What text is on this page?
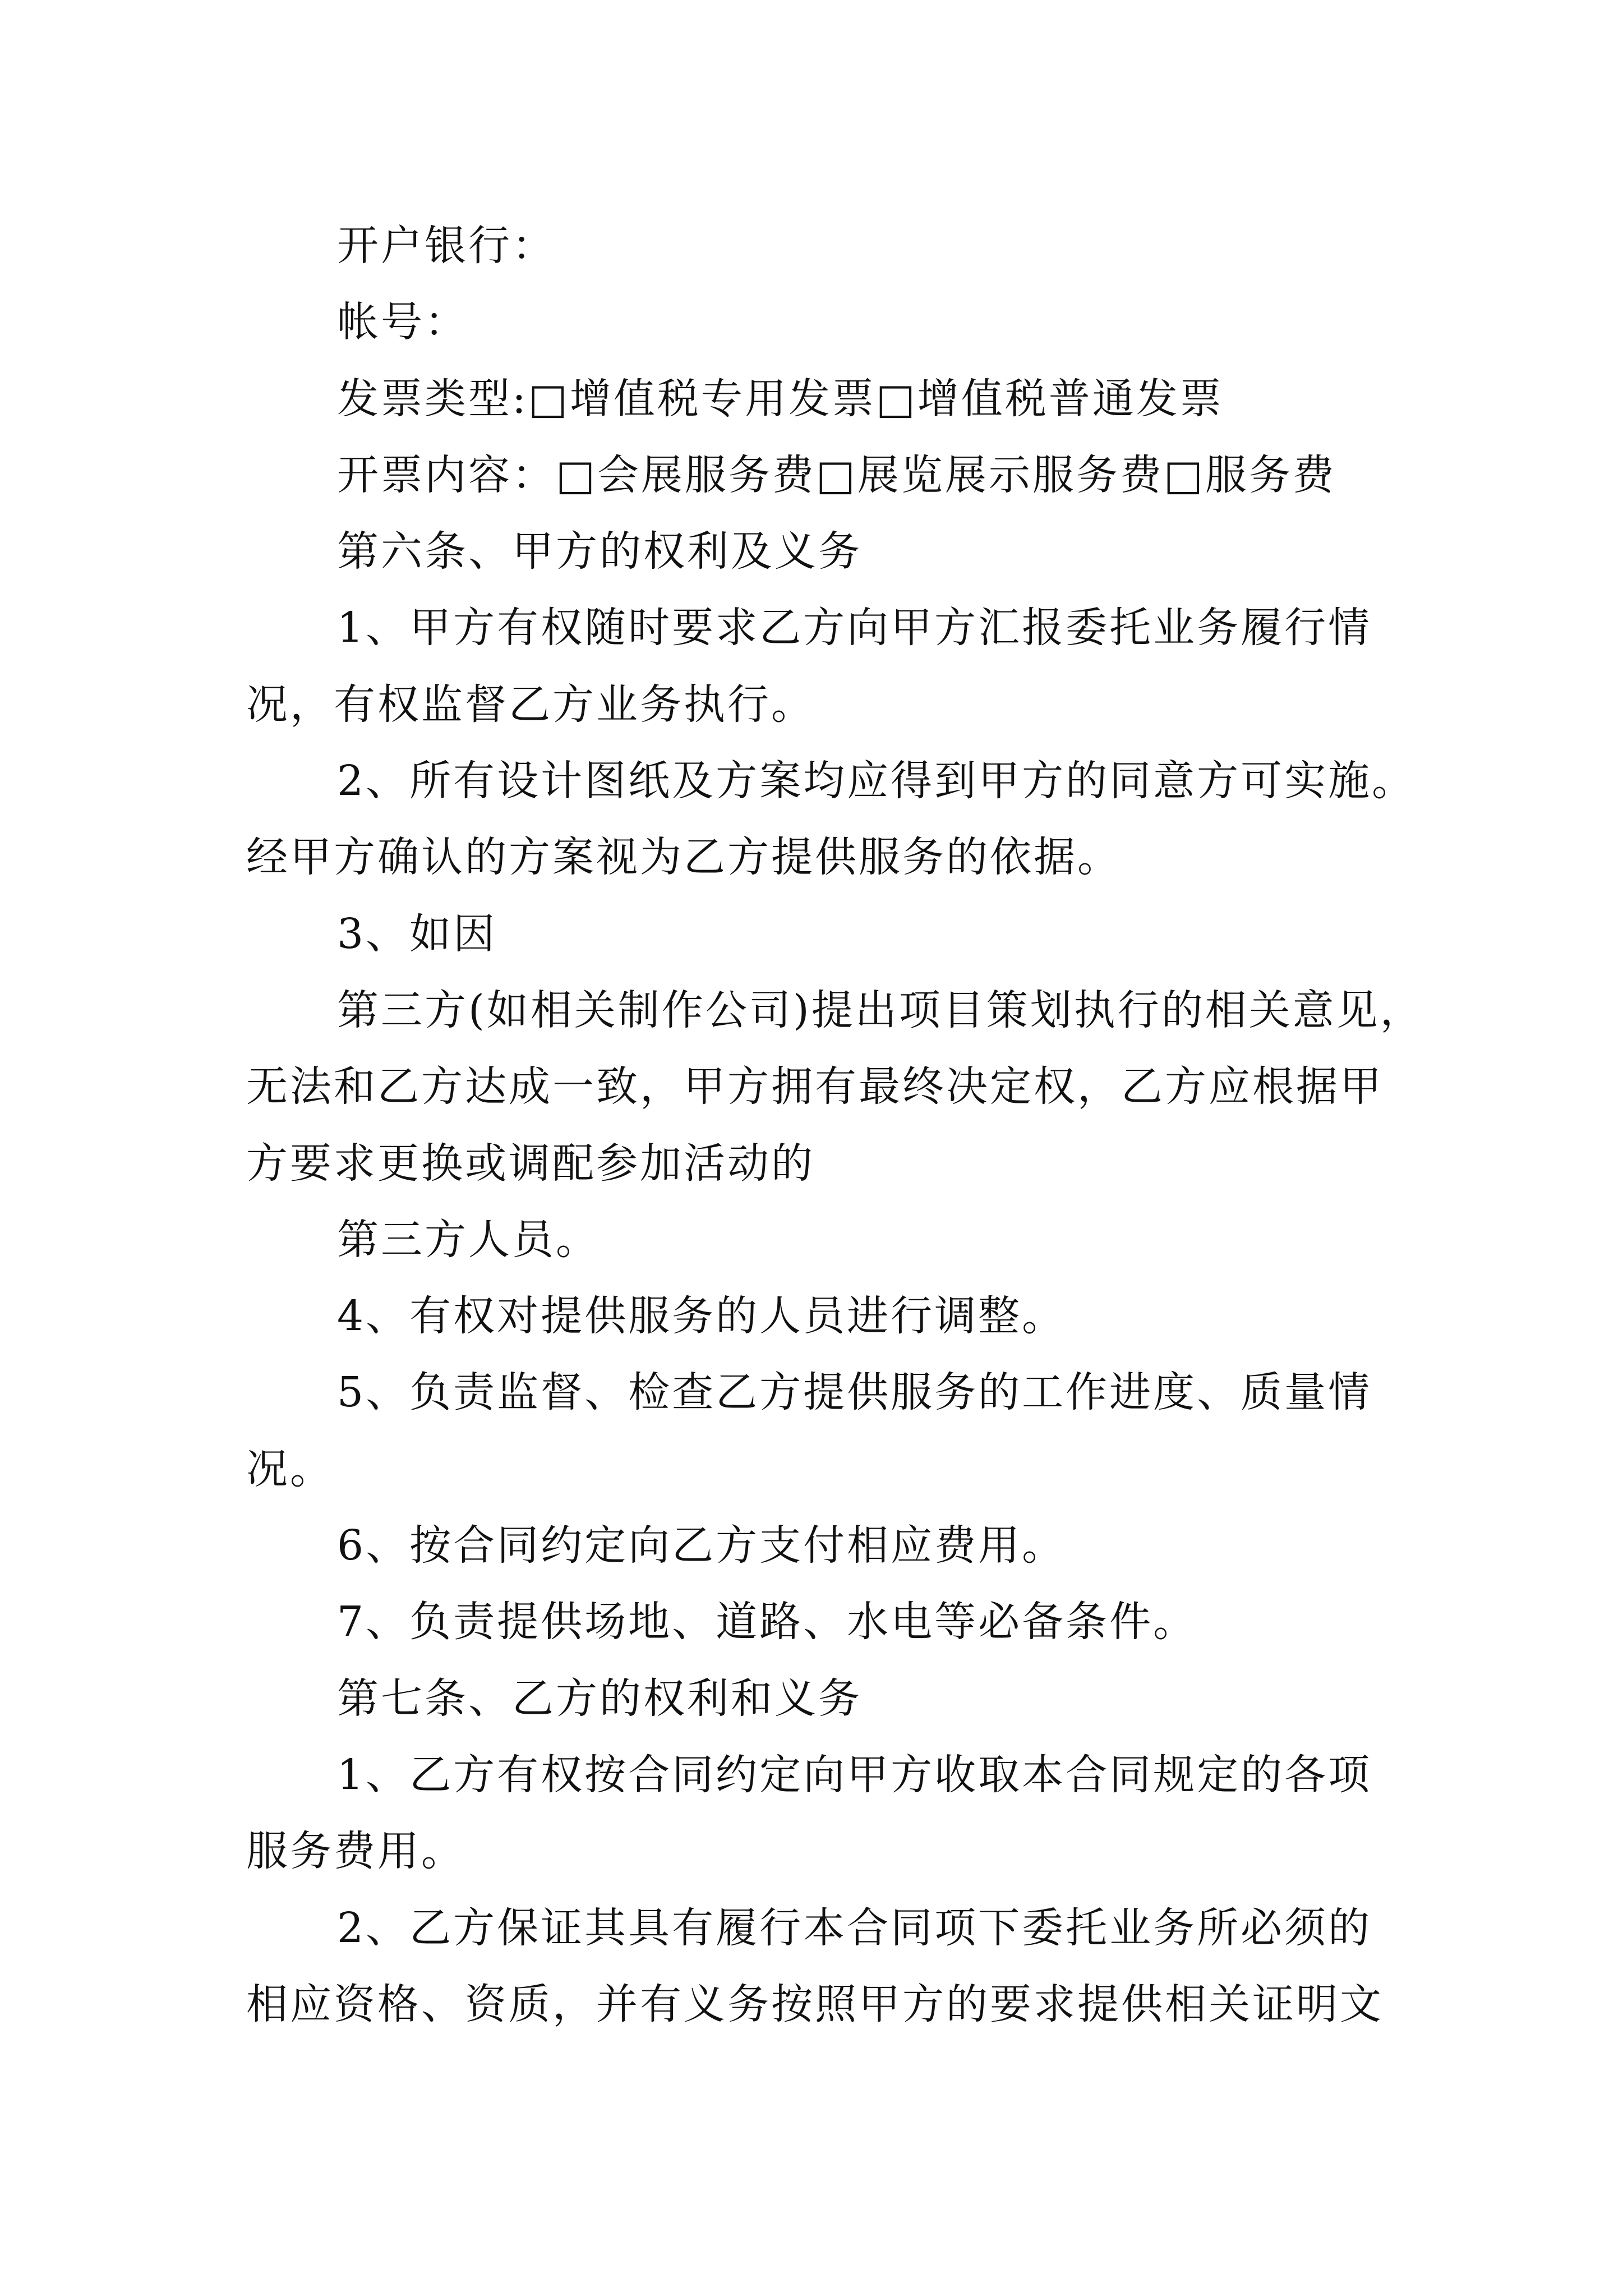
开户银行：
帐号：
发票类型:□增值税专用发票□增值税普通发票
开票内容：□会展服务费□展览展示服务费□服务费
第六条、甲方的权利及义务
1、甲方有权随时要求乙方向甲方汇报委托业务履行情
况，有权监督乙方业务执行。
2、所有设计图纸及方案均应得到甲方的同意方可实施。
经甲方确认的方案视为乙方提供服务的依据。
3、如因
第三方(如相关制作公司)提出项目策划执行的相关意见，
无法和乙方达成一致，甲方拥有最终决定权，乙方应根据甲
方要求更换或调配参加活动的
第三方人员。
4、有权对提供服务的人员进行调整。
5、负责监督、检查乙方提供服务的工作进度、质量情
况。
6、按合同约定向乙方支付相应费用。
7、负责提供场地、道路、水电等必备条件。
第七条、乙方的权利和义务
1、乙方有权按合同约定向甲方收取本合同规定的各项
服务费用。
2、乙方保证其具有履行本合同项下委托业务所必须的
相应资格、资质，并有义务按照甲方的要求提供相关证明文
